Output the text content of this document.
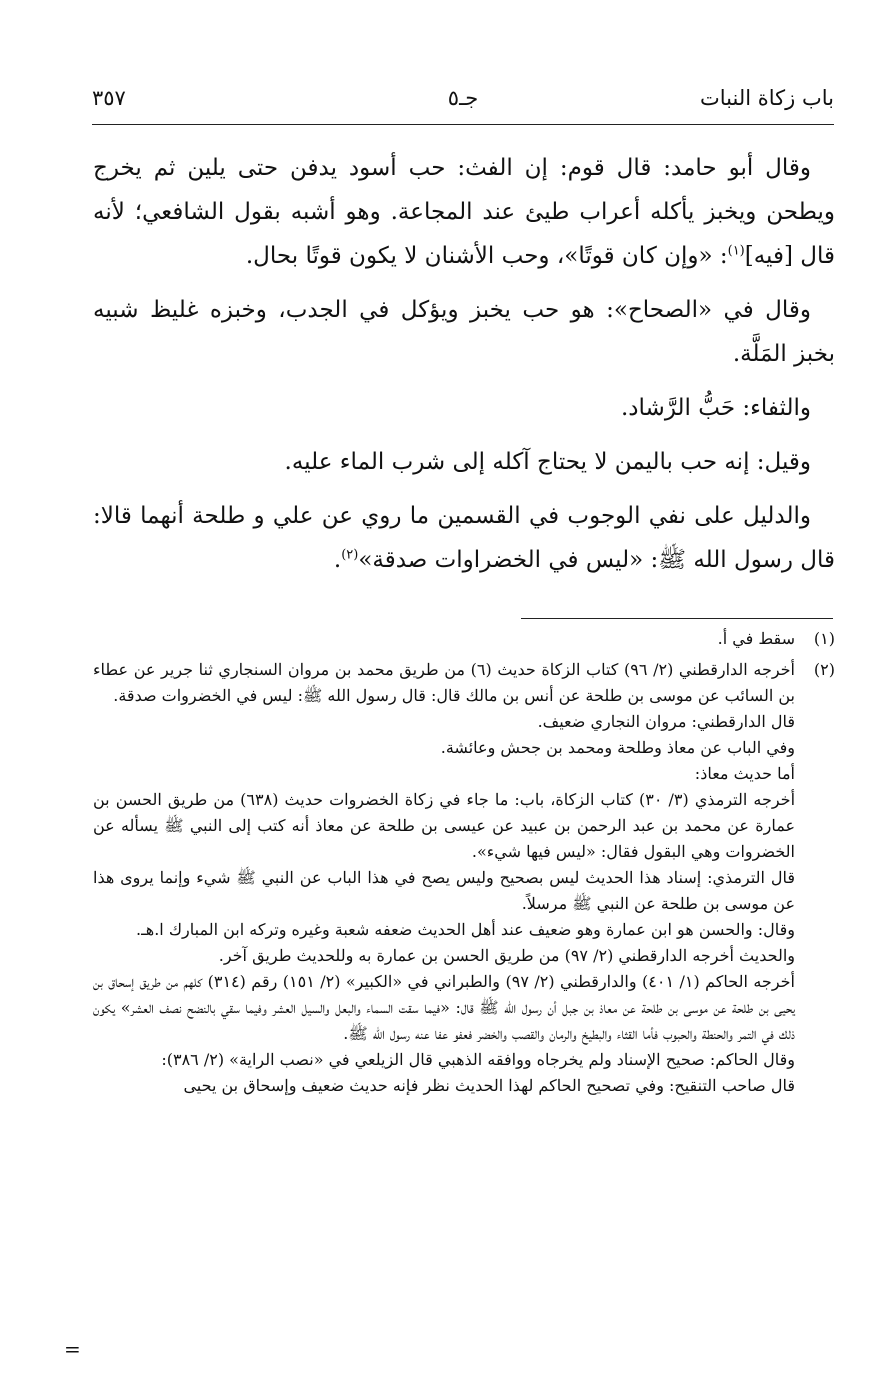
باب زكاة النبات
جـ٥
٣٥٧

وقال أبو حامد: قال قوم: إن الفث: حب أسود يدفن حتى يلين ثم يخرج ويطحن ويخبز يأكله أعراب طيئ عند المجاعة. وهو أشبه بقول الشافعي؛ لأنه قال [فيه]$^{(١)}$: «وإن كان قوتًا»، وحب الأشنان لا يكون قوتًا بحال.

وقال في «الصحاح»: هو حب يخبز ويؤكل في الجدب، وخبزه غليظ شبيه بخبز المَلَّة.

والثفاء: حَبُّ الرَّشاد.

وقيل: إنه حب باليمن لا يحتاج آكله إلى شرب الماء عليه.

والدليل على نفي الوجوب في القسمين ما روي عن علي و طلحة أنهما قالا: قال رسول الله ﷺ: «ليس في الخضراوات صدقة»$^{(٢)}$.

(١)
سقط في أ.
(٢)
أخرجه الدارقطني (٢/ ٩٦) كتاب الزكاة حديث (٦) من طريق محمد بن مروان السنجاري ثنا جرير عن عطاء بن السائب عن موسى بن طلحة عن أنس بن مالك قال: قال رسول الله ﷺ: ليس في الخضروات صدقة.
قال الدارقطني: مروان النجاري ضعيف.
وفي الباب عن معاذ وطلحة ومحمد بن جحش وعائشة.
أما حديث معاذ:
أخرجه الترمذي (٣/ ٣٠) كتاب الزكاة، باب: ما جاء في زكاة الخضروات حديث (٦٣٨) من طريق الحسن بن عمارة عن محمد بن عبد الرحمن بن عبيد عن عيسى بن طلحة عن معاذ أنه كتب إلى النبي ﷺ يسأله عن الخضروات وهي البقول فقال: «ليس فيها شيء».
قال الترمذي: إسناد هذا الحديث ليس بصحيح وليس يصح في هذا الباب عن النبي ﷺ شيء وإنما يروى هذا عن موسى بن طلحة عن النبي ﷺ مرسلاً.
وقال: والحسن هو ابن عمارة وهو ضعيف عند أهل الحديث ضعفه شعبة وغيره وتركه ابن المبارك ا.هـ.
والحديث أخرجه الدارقطني (٢/ ٩٧) من طريق الحسن بن عمارة به وللحديث طريق آخر.
أخرجه الحاكم (١/ ٤٠١) والدارقطني (٢/ ٩٧) والطبراني في «الكبير» (٢/ ١٥١) رقم (٣١٤) كلهم من طريق إسحاق بن يحيى بن طلحة عن موسى بن طلحة عن معاذ بن جبل أن رسول الله ﷺ قال: «فيما سقت السماء والبعل والسيل العشر وفيما سقي بالنضح نصف العشر» يكون ذلك في التمر والحنطة والحبوب فأما القثاء والبطيخ والرمان والقصب والخضر فعفو عفا عنه رسول الله ﷺ.
وقال الحاكم: صحيح الإسناد ولم يخرجاه ووافقه الذهبي قال الزيلعي في «نصب الراية» (٢/ ٣٨٦):
قال صاحب التنقيح: وفي تصحيح الحاكم لهذا الحديث نظر فإنه حديث ضعيف وإسحاق بن يحيى
=
